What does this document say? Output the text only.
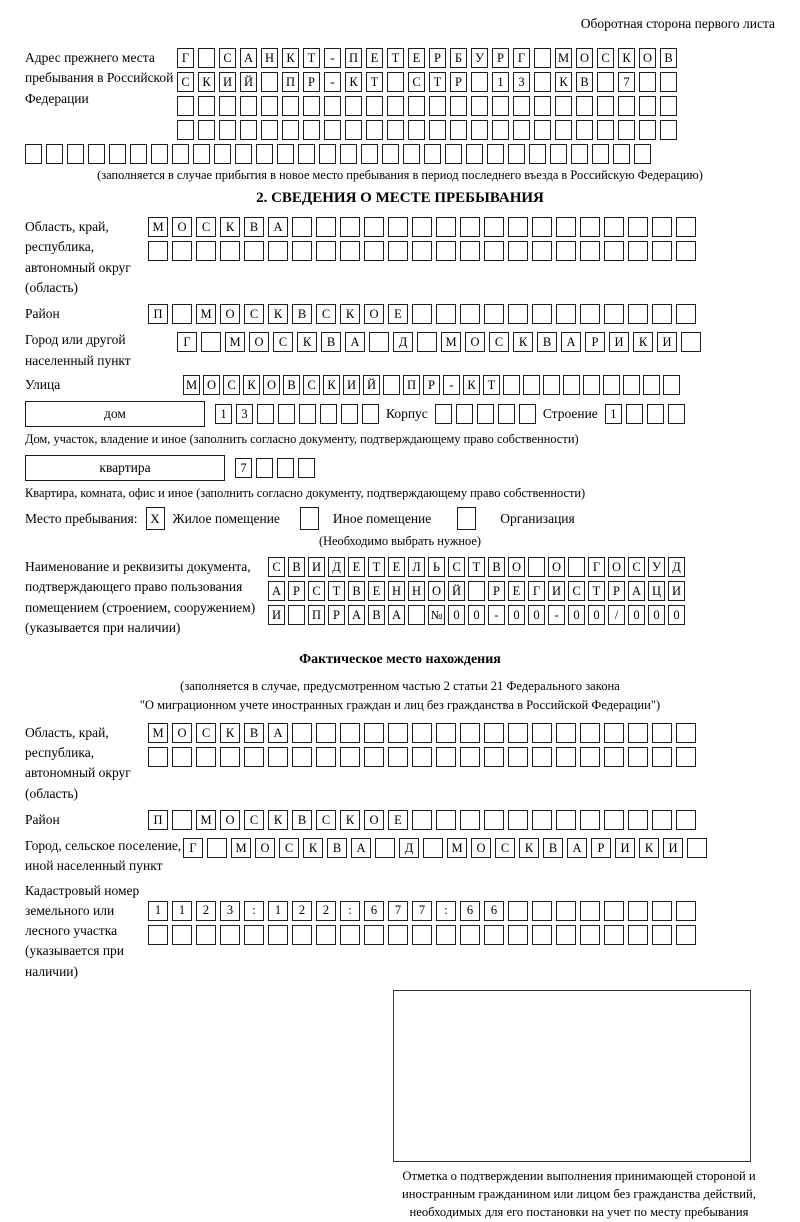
Оборотная сторона первого листа
Адрес прежнего места пребывания в Российской Федерации
Г	С А Н К	Т	-	П	Е	Т	Е	Р	Б	У	Р	Г	М О С	К О В
С	К И Й	П	Р	-	К	Т	С	Т	Р	1	3	К	В	7
(заполняется в случае прибытия в новое место пребывания в период последнего въезда в Российскую Федерацию)
2. СВЕДЕНИЯ О МЕСТЕ ПРЕБЫВАНИЯ
Область, край, республика, автономный округ (область)
М	О	С	К	В	А
Район	П	М	О	С	К	В	С	К	О	Е
Город или другой населенный пункт
Г	М	О	С	К	В	А	Д	М	О	С	К	В	А	Р	И	К	И
Улица	М О С К О В С К И Й	П Р	-	К Т
дом	1	3	Корпус	Строение 1
Дом, участок, владение и иное (заполнить согласно документу, подтверждающему право собственности)
квартира	7
Квартира, комната, офис и иное (заполнить согласно документу, подтверждающему право собственности)
Место пребывания: X Жилое помещение	Иное помещение	Организация
(Необходимо выбрать нужное)
Наименование и реквизиты документа, подтверждающего право пользования помещением (строением, сооружением) (указывается при наличии)
С В И Д Е Т Е Л Ь С Т В О	О	Г О С У Д
А Р С Т В Е Н Н О Й	Р	Е	Г И С Т	Р А Ц И
И	П Р А В А	№ 0	0	-	0	0	-	0	0	/	0	0	0
Фактическое место нахождения
(заполняется в случае, предусмотренном частью 2 статьи 21 Федерального закона
"О миграционном учете иностранных граждан и лиц без гражданства в Российской Федерации")
Область, край, республика, автономный округ (область)
М	О	С	К	В	А
Район	П	М	О	С	К	В	С	К	О	Е
Город, сельское поселение, иной населенный пункт
Г	М	О	С	К	В	А	Д	М	О	С	К	В	А	Р	И	К	И
Кадастровый номер земельного или лесного участка (указывается при наличии)
1	1	2	3	:	1	2	2	:	6	7	7	:	6	6
Отметка о подтверждении выполнения принимающей стороной и иностранным гражданином или лицом без гражданства действий, необходимых для его постановки на учет по месту пребывания
